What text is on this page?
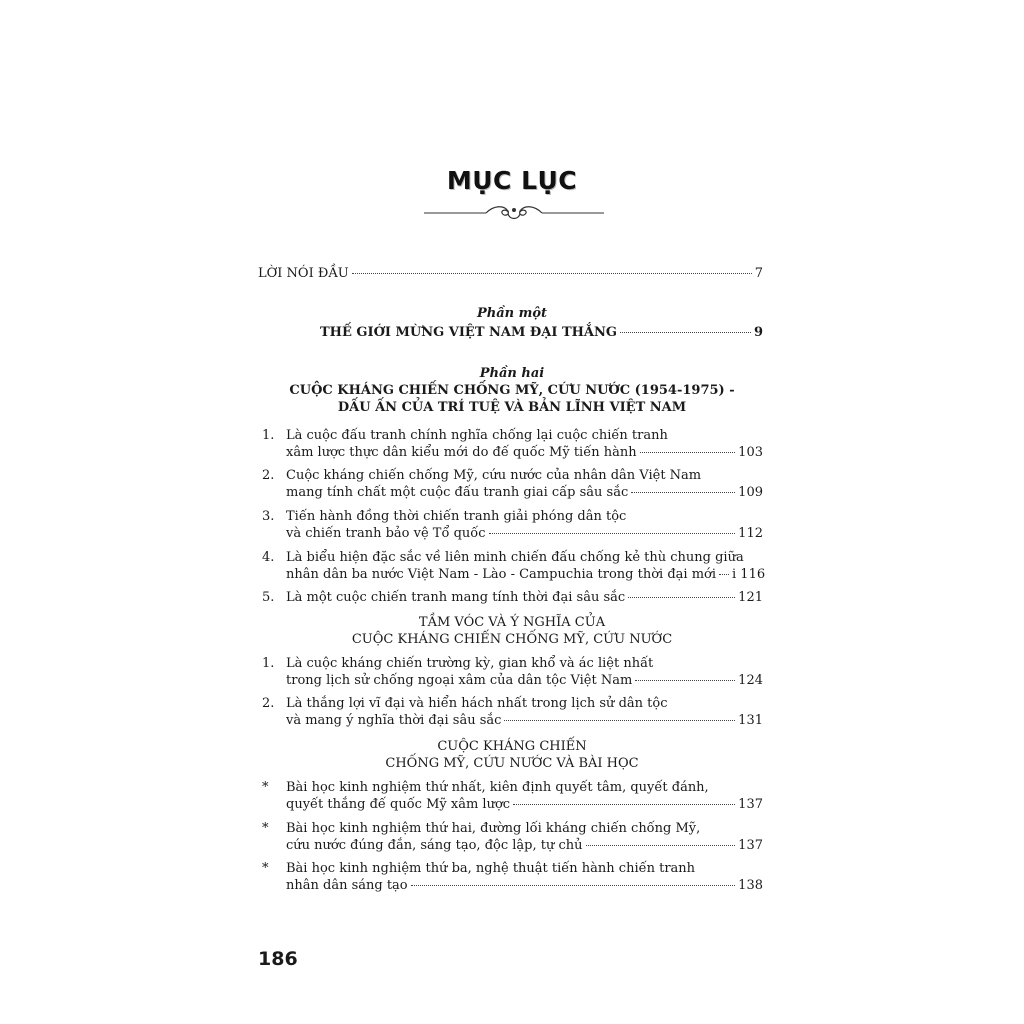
MỤC LỤC
LỜI NÓI ĐẦU	7
Phần một
THẾ GIỚI MỪNG VIỆT NAM ĐẠI THẮNG	9
Phần hai
CUỘC KHÁNG CHIẾN CHỐNG MỸ, CỨU NƯỚC (1954-1975) -
DẤU ẤN CỦA TRÍ TUỆ VÀ BẢN LĨNH VIỆT NAM
1. Là cuộc đấu tranh chính nghĩa chống lại cuộc chiến tranh
xâm lược thực dân kiểu mới do đế quốc Mỹ tiến hành	103
2. Cuộc kháng chiến chống Mỹ, cứu nước của nhân dân Việt Nam
mang tính chất một cuộc đấu tranh giai cấp sâu sắc	109
3. Tiến hành đồng thời chiến tranh giải phóng dân tộc
và chiến tranh bảo vệ Tổ quốc	112
4. Là biểu hiện đặc sắc về liên minh chiến đấu chống kẻ thù chung giữa
nhân dân ba nước Việt Nam - Lào - Campuchia trong thời đại mới i 116
5. Là một cuộc chiến tranh mang tính thời đại sâu sắc	121
TẦM VÓC VÀ Ý NGHĨA CỦA
CUỘC KHÁNG CHIẾN CHỐNG MỸ, CỨU NƯỚC
1. Là cuộc kháng chiến trường kỳ, gian khổ và ác liệt nhất
trong lịch sử chống ngoại xâm của dân tộc Việt Nam	124
2. Là thắng lợi vĩ đại và hiển hách nhất trong lịch sử dân tộc
và mang ý nghĩa thời đại sâu sắc	131
CUỘC KHÁNG CHIẾN
CHỐNG MỸ, CỨU NƯỚC VÀ BÀI HỌC
* Bài học kinh nghiệm thứ nhất, kiên định quyết tâm, quyết đánh,
quyết thắng đế quốc Mỹ xâm lược	137
* Bài học kinh nghiệm thứ hai, đường lối kháng chiến chống Mỹ,
cứu nước đúng đắn, sáng tạo, độc lập, tự chủ	137
* Bài học kinh nghiệm thứ ba, nghệ thuật tiến hành chiến tranh
nhân dân sáng tạo	138
186
